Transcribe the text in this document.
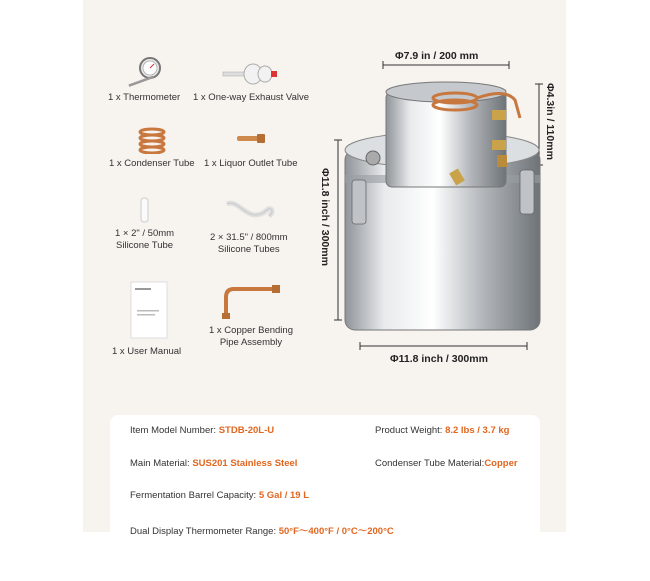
1 x Thermometer 1 x One-way Exhaust Valve
1 x Condenser Tube 1 x Liquor Outlet Tube
1 × 2" / 50mm
Silicone Tube
2 × 31.5" / 800mm
Silicone Tubes
1 x User Manual
1 x Copper Bending
Pipe Assembly
Φ7.9 in / 200 mm
Φ4.3in / 110mm
Φ11.8 inch / 300mm
Φ11.8 inch / 300mm
Item Model Number: STDB-20L-U	Product Weight: 8.2 lbs / 3.7 kg
Main Material: SUS201 Stainless Steel	Condenser Tube Material:Copper
Fermentation Barrel Capacity: 5 Gal / 19 L
Dual Display Thermometer Range: 50°F～400°F / 0°C～200°C
